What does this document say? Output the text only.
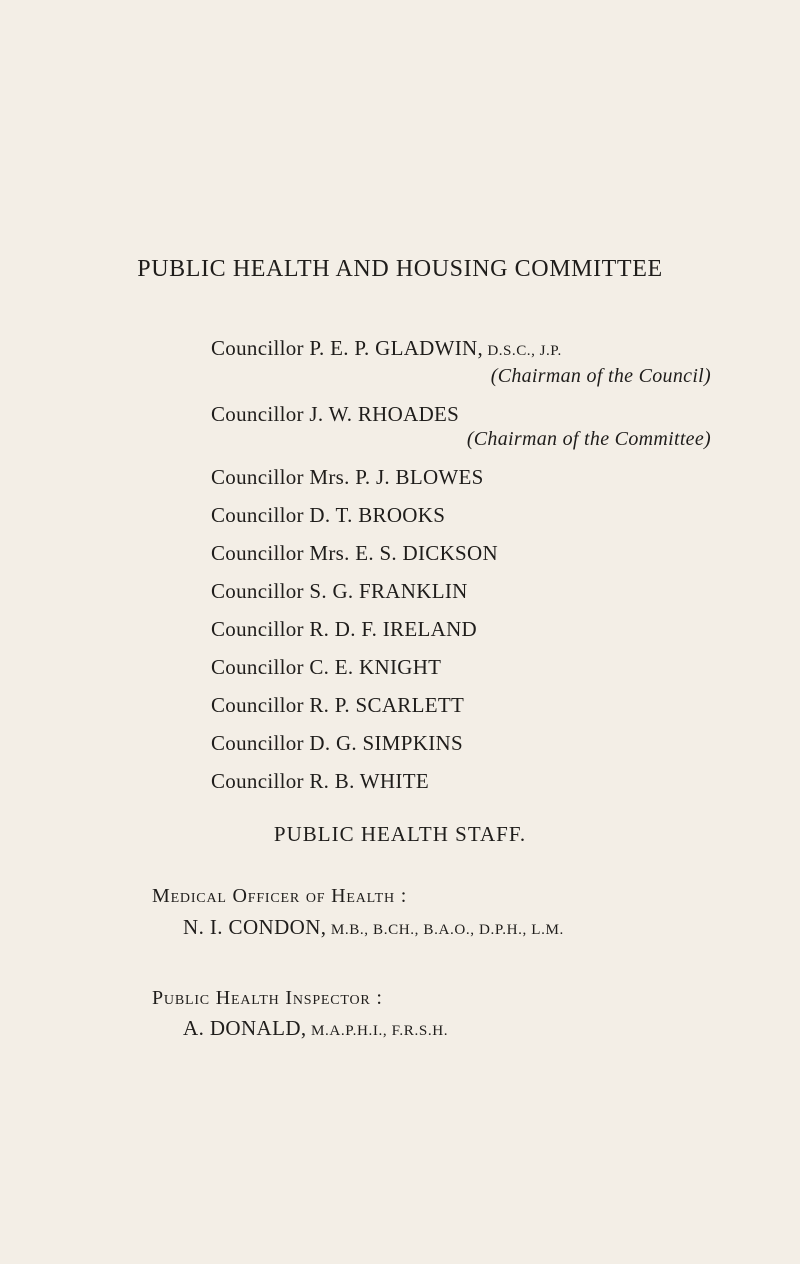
PUBLIC HEALTH AND HOUSING COMMITTEE
Councillor P. E. P. GLADWIN, D.S.C., J.P.
(Chairman of the Council)
Councillor J. W. RHOADES
(Chairman of the Committee)
Councillor Mrs. P. J. BLOWES
Councillor D. T. BROOKS
Councillor Mrs. E. S. DICKSON
Councillor S. G. FRANKLIN
Councillor R. D. F. IRELAND
Councillor C. E. KNIGHT
Councillor R. P. SCARLETT
Councillor D. G. SIMPKINS
Councillor R. B. WHITE
PUBLIC HEALTH STAFF.
Medical Officer of Health :
N. I. CONDON, M.B., B.CH., B.A.O., D.P.H., L.M.
Public Health Inspector :
A. DONALD, M.A.P.H.I., F.R.S.H.
